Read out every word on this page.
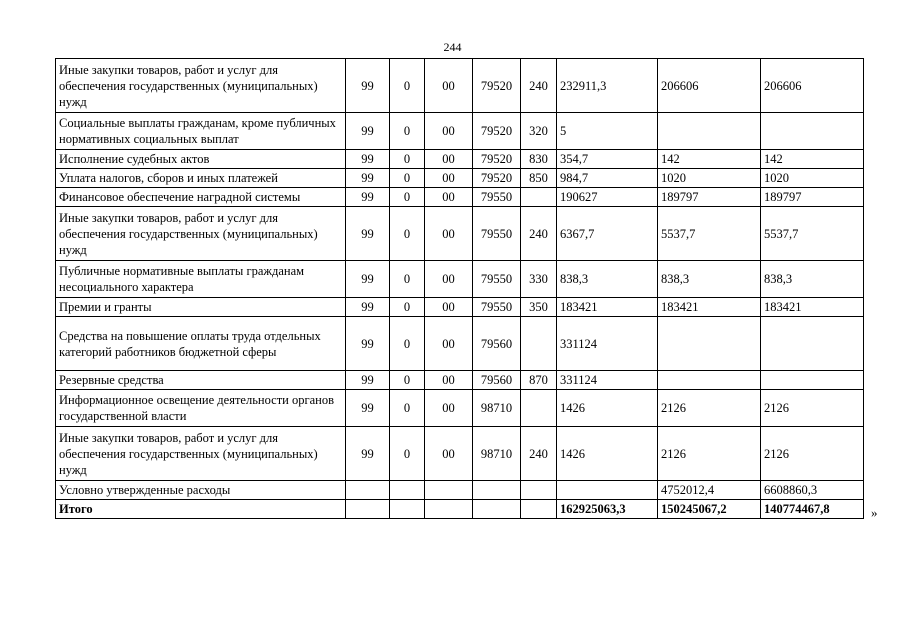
244
Иные закупки товаров, работ и услуг для обеспечения государственных (муниципальных) нужд	99	0	00	79520	240	232911,3	206606	206606
Социальные выплаты гражданам, кроме публичных нормативных социальных выплат	99	0	00	79520	320	5		
Исполнение судебных актов	99	0	00	79520	830	354,7	142	142
Уплата налогов, сборов и иных платежей	99	0	00	79520	850	984,7	1020	1020
Финансовое обеспечение наградной системы	99	0	00	79550		190627	189797	189797
Иные закупки товаров, работ и услуг для обеспечения государственных (муниципальных) нужд	99	0	00	79550	240	6367,7	5537,7	5537,7
Публичные нормативные выплаты гражданам несоциального характера	99	0	00	79550	330	838,3	838,3	838,3
Премии и гранты	99	0	00	79550	350	183421	183421	183421
Средства на повышение оплаты труда отдельных категорий работников бюджетной сферы	99	0	00	79560		331124		
Резервные средства	99	0	00	79560	870	331124		
Информационное освещение деятельности органов государственной власти	99	0	00	98710		1426	2126	2126
Иные закупки товаров, работ и услуг для обеспечения государственных (муниципальных) нужд	99	0	00	98710	240	1426	2126	2126
Условно утвержденные расходы							4752012,4	6608860,3
Итого						162925063,3	150245067,2	140774467,8	»
